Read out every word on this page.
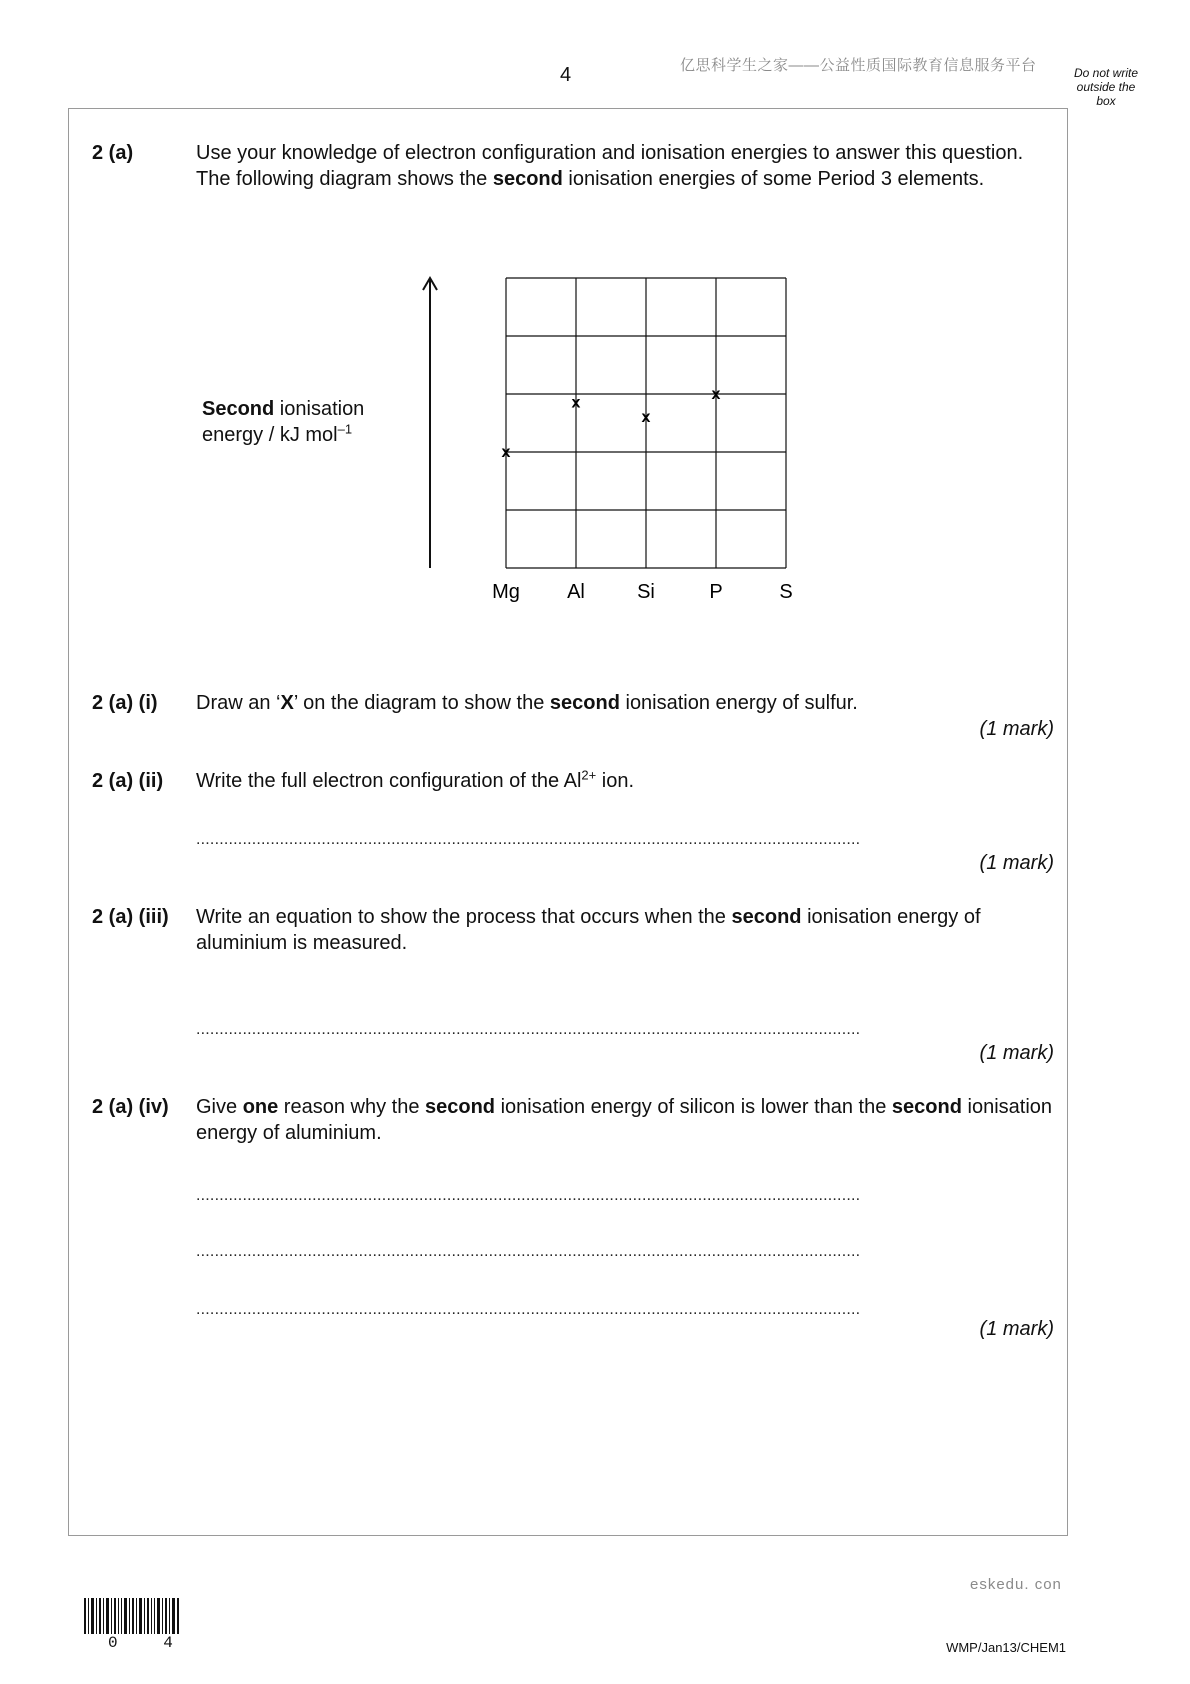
4	亿思科学生之家——公益性质国际教育信息服务平台	Do not write
outside the
box
2 (a)	Use your knowledge of electron configuration and ionisation energies to answer this question.
The following diagram shows the second ionisation energies of some Period 3 elements.
Second ionisation
energy / kJ mol$^{-1}$
x
x
x
x
Mg Al	Si	P	S
2 (a) (i) Draw an ‘X’ on the diagram to show the second ionisation energy of sulfur.
(1 mark)
2 (a) (ii) Write the full electron configuration of the $Al^{2+}$ ion.
...............................................................................................................................................
(1 mark)
2 (a) (iii) Write an equation to show the process that occurs when the second ionisation energy of aluminium is measured.
...............................................................................................................................................
(1 mark)
2 (a) (iv) Give one reason why the second ionisation energy of silicon is lower than the second ionisation energy of aluminium.
...............................................................................................................................................
...............................................................................................................................................
...............................................................................................................................................
(1 mark)
eskedu. con
0 4	WMP/Jan13/CHEM1
